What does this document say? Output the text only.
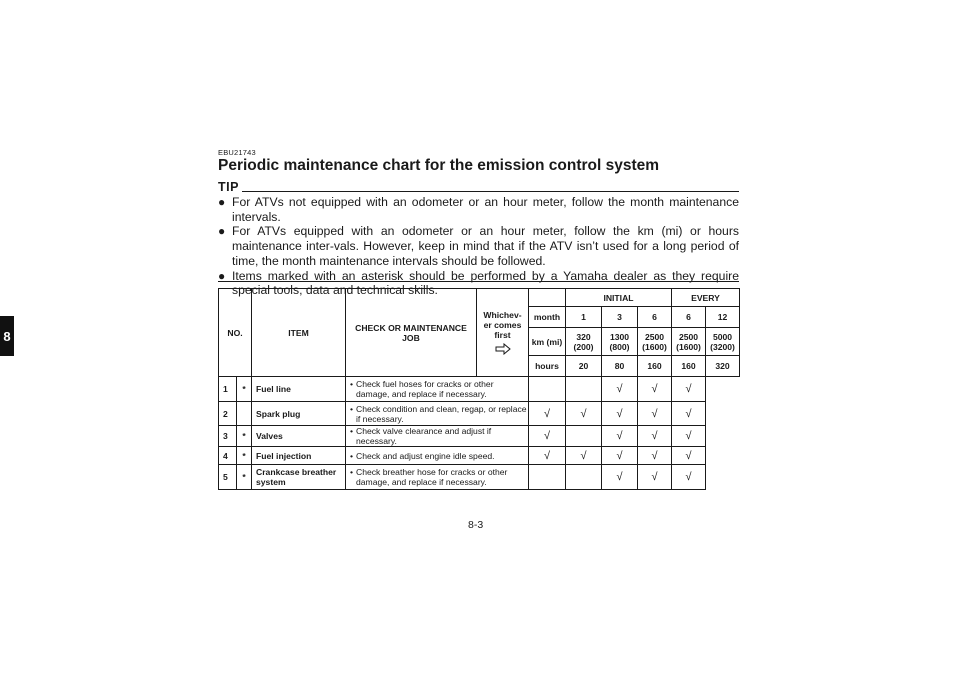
8
EBU21743
Periodic maintenance chart for the emission control system
TIP
● For ATVs not equipped with an odometer or an hour meter, follow the month maintenance intervals.
● For ATVs equipped with an odometer or an hour meter, follow the km (mi) or hours maintenance inter-vals. However, keep in mind that if the ATV isn’t used for a long period of time, the month maintenance intervals should be followed.
● Items marked with an asterisk should be performed by a Yamaha dealer as they require special tools, data and technical skills.
NO.		ITEM	CHECK OR MAINTENANCE JOB	Whichev-er comes first		INITIAL			EVERY	
					month	1	3	6	6	12
					km (mi)	320 (200)	1300 (800)	2500 (1600)	2500 (1600)	5000 (3200)
					hours	20	80	160	160	320
1	*	Fuel line	• Check fuel hoses for cracks or other damage, and replace if necessary.				√	√	√	
2		Spark plug	• Check condition and clean, regap, or replace if necessary.		√	√	√	√	√	
3	*	Valves	• Check valve clearance and adjust if necessary.		√		√	√	√	
4	*	Fuel injection	• Check and adjust engine idle speed.		√	√	√	√	√	
5	*	Crankcase breather system	• Check breather hose for cracks or other damage, and replace if necessary.				√	√	√	
8-3
